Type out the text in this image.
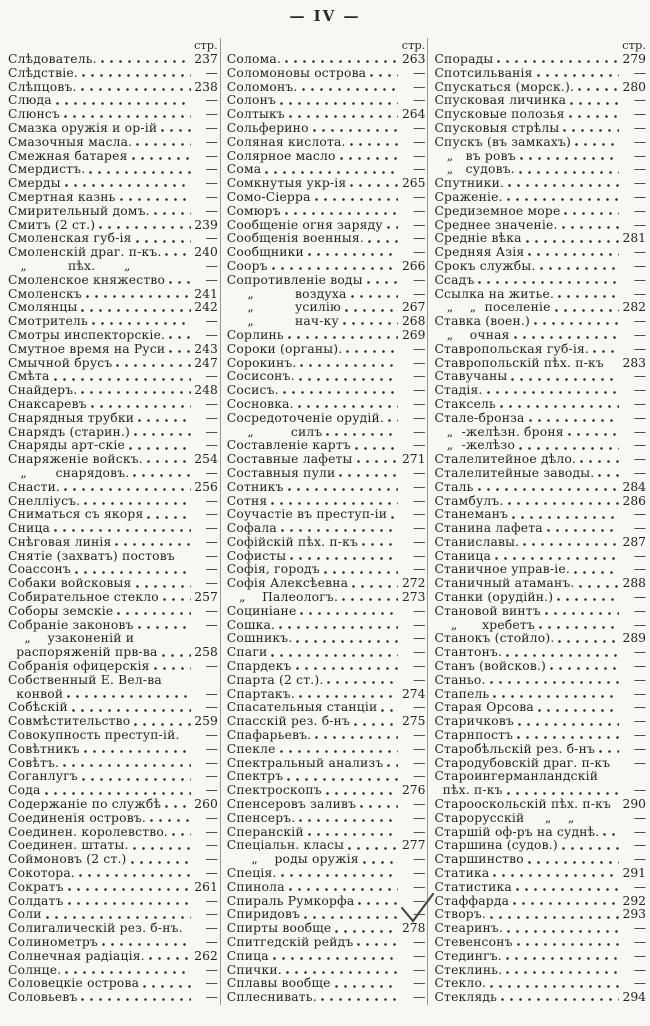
— IV —
стр.
Слѣдователь.	237
Слѣдствіе.	—
Слѣпцовъ.	238
Слюда	—
Слюнсъ	—
Смазка оружія и ор-ій	—
Смазочныя масла.	—
Смежная батарея	—
Смердистъ.	—
Смерды	—
Смертная казнь	—
Смирительный домъ.	—
Смитъ (2 ст.)	239
Смоленская губ-ія	—
Смоленскій драг. п-къ.	240
„          пѣх.       „	—
Смоленское княжество	—
Смоленскъ	241
Смолянцы	242
Смотритель	—
Смотры инспекторскіе.	—
Смутное время на Руси 243
Смычной брусъ	247
Смѣта	—
Снайдеръ.	248
Снаксаревъ	—
Снарядныя трубки	—
Снарядъ (старин.)	—
Снаряды арт-скіе	—
Снаряженіе войскъ.	254
„       снарядовъ.	—
Снасти.	256
Снелліусъ.	—
Сниматься съ якоря	—
Сница	—
Снѣговая линія	—
Снятіе (захватъ) постовъ	—
Соассонъ	—
Собаки войсковыя	—
Собирательное стекло	257
Соборы земскіе	—
Собраніе законовъ	—
„    узаконеній и
распоряженій прв-ва	258
Собранія офицерскія	—
Собственный Е. Вел-ва
конвой	—
Собѣскій	—
Совмѣстительство	259
Совокупность преступ-ій.	—
Совѣтникъ	—
Совѣтъ.	—
Соганлугъ	—
Сода	—
Содержаніе по службѣ	260
Соединенія островъ.	—
Соединен. королевство.	—
Соединен. штаты.	—
Соймоновъ (2 ст.)	—
Сокотора.	—
Сократъ	261
Солдатъ	—
Соли	—
Солигалическій рез. б-нъ.	—
Солинометръ	—
Солнечная радіація.	262
Солнце.	—
Соловецкіе острова	—
Соловьевъ	—
стр.
Солома.	263
Соломоновы острова	—
Соломонъ.	—
Солонъ	—
Солтыкъ	264
Сольферино	—
Соляная кислота.	—
Солярное масло	—
Сома	—
Сомкнутыя укр-ія	265
Сомо-Сіерра	—
Сомюръ	—
Сообщеніе огня заряду	—
Сообщенія военныя.	—
Сообщники	—
Сооръ	266
Сопротивленіе воды	—
„          воздуха	—
„          усилію	267
„          нач-ку	268
Сорлинь	269
Сороки (органы).	—
Сорокинъ.	—
Сосисонъ.	—
Сосисъ.	—
Сосновка.	—
Сосредоточеніе орудій.	—
„         силъ	—
Составленіе картъ	—
Составные лафеты	271
Составныя пули	—
Сотникъ	—
Сотня	—
Соучастіе въ преступ-іи	—
Софала	—
Софійскій пѣх. п-къ	—
Софисты	—
Софія, городъ	—
Софія Алексѣевна	272
„    Палеологъ.	273
Социніане	—
Сошка.	—
Сошникъ.	—
Спаги	—
Спардекъ	—
Спарта (2 ст.).	—
Спартакъ.	274
Спасательныя станціи	—
Спасскій рез. б-нъ	275
Спафарьевъ.	—
Спекле	—
Спектральный анализъ	—
Спектръ	—
Спектроскопъ	276
Спенсеровъ заливъ	—
Спенсеръ.	—
Сперанскій	—
Спеціальн. класы	277
„    роды оружія	—
Спеція.	—
Спинола	—
Спираль Румкорфа	—
Спиридовъ	—
Спирты вообще	278
Спитгедскій рейдъ	—
Спица	—
Спички.	—
Сплавы вообще	—
Сплеснивать.	—
стр.
Спорады	279
Спотсильванія	—
Спускаться (морск.).	280
Спусковая личинка	—
Спусковые полозья	—
Спусковыя стрѣлы	—
Спускъ (въ замкахъ)	—
„   въ ровъ	—
„   судовъ.	—
Спутники.	—
Сраженіе.	—
Средиземное море	—
Среднее значеніе.	—
Средніе вѣка	281
Средняя Азія	—
Срокъ службы.	—
Ссадъ	—
Ссылка на житье.	—
„    „  поселеніе	282
Ставка (воен.)	—
„    очная	—
Ставропольская губ-ія.	—
Ставропольскій пѣх. п-къ 283
Ставучаны	—
Стадія.	—
Стаксель	—
Стале-бронза	—
„  -желѣзн. броня	—
„  -желѣзо	—
Сталелитейное дѣло.	—
Сталелитейные заводы.	—
Сталь	284
Стамбулъ.	286
Станеманъ	—
Станина лафета	—
Станиславы.	287
Станица	—
Станичное управ-іе.	—
Станичный атаманъ.	288
Станки (орудійн.)	—
Становой винтъ	—
„      хребетъ	—
Станокъ (стойло).	289
Стантонъ.	—
Станъ (войсков.)	—
Станьо.	—
Стапель	—
Старая Орсова	—
Старичковъ	—
Старнпостъ	—
Старобѣльскій рез. б-нъ	—
Стародубовскій драг. п-къ	—
Староингерманландскій
пѣх. п-къ	—
Старооскольскій пѣх. п-къ 290
Старорусскій     „    „	—
Старшій оф-ръ на суднѣ.	—
Старшина (судов.)	—
Старшинство	—
Статика	291
Статистика	—
Стаффарда	292
Створъ.	293
Стеаринъ.	—
Стевенсонъ	—
Стедингъ.	—
Стеклинь.	—
Стекло.	—
Стеклядь	294
